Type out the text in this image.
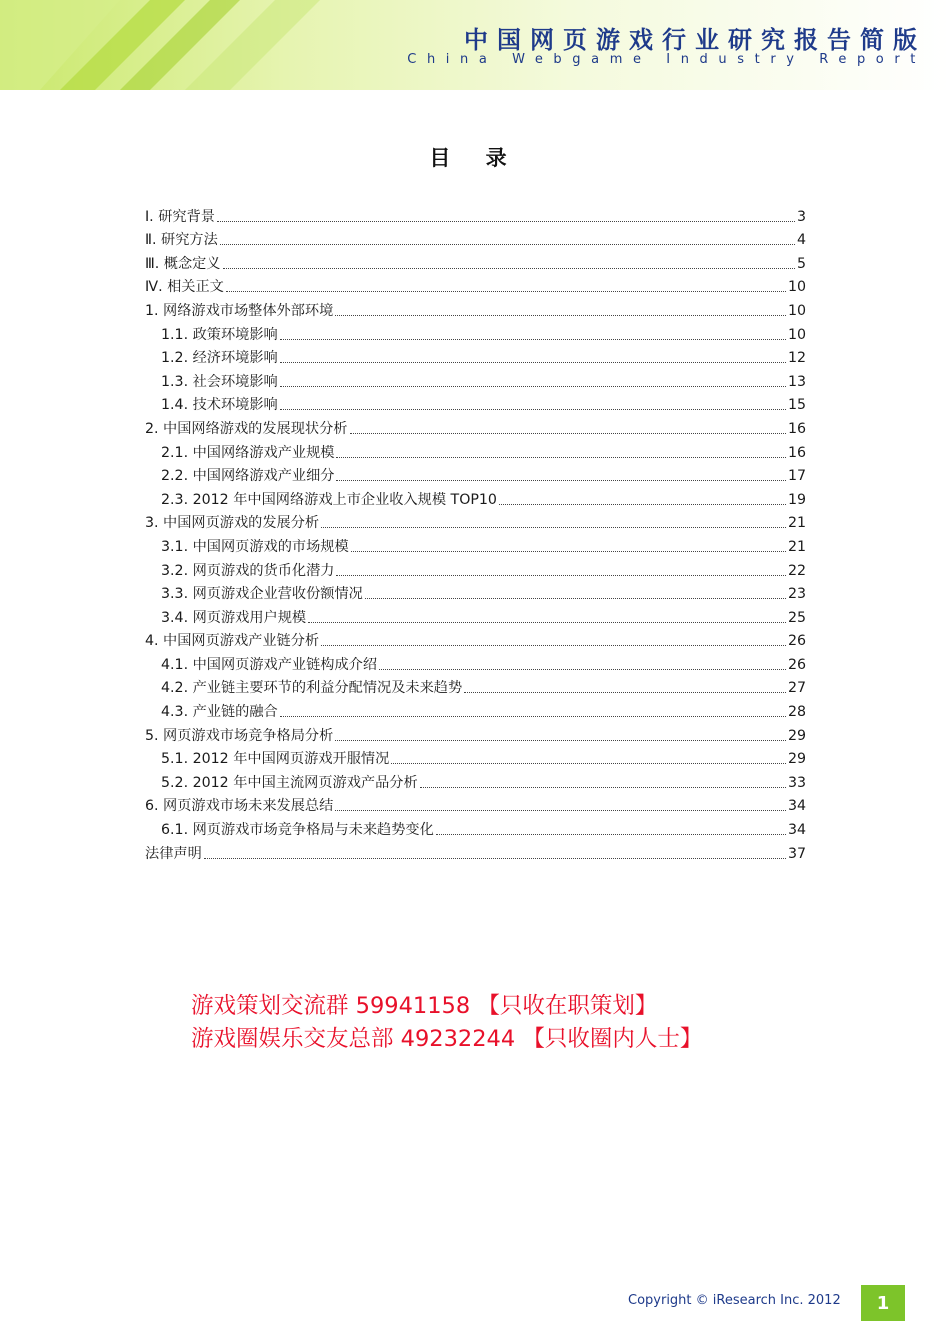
中国网页游戏行业研究报告简版
China Webgame Industry Report
目 录
Ⅰ. 研究背景	3
Ⅱ. 研究方法	4
Ⅲ. 概念定义	5
Ⅳ. 相关正文	10
1. 网络游戏市场整体外部环境	10
1.1. 政策环境影响	10
1.2. 经济环境影响	12
1.3. 社会环境影响	13
1.4. 技术环境影响	15
2. 中国网络游戏的发展现状分析	16
2.1. 中国网络游戏产业规模	16
2.2. 中国网络游戏产业细分	17
2.3. 2012 年中国网络游戏上市企业收入规模 TOP10	19
3. 中国网页游戏的发展分析	21
3.1. 中国网页游戏的市场规模	21
3.2. 网页游戏的货币化潜力	22
3.3. 网页游戏企业营收份额情况	23
3.4. 网页游戏用户规模	25
4. 中国网页游戏产业链分析	26
4.1. 中国网页游戏产业链构成介绍	26
4.2. 产业链主要环节的利益分配情况及未来趋势	27
4.3. 产业链的融合	28
5. 网页游戏市场竞争格局分析	29
5.1. 2012 年中国网页游戏开服情况	29
5.2. 2012 年中国主流网页游戏产品分析	33
6. 网页游戏市场未来发展总结	34
6.1. 网页游戏市场竞争格局与未来趋势变化	34
法律声明	37
游戏策划交流群 59941158 【只收在职策划】
游戏圈娱乐交友总部 49232244 【只收圈内人士】
Copyright © iResearch Inc. 2012	1
